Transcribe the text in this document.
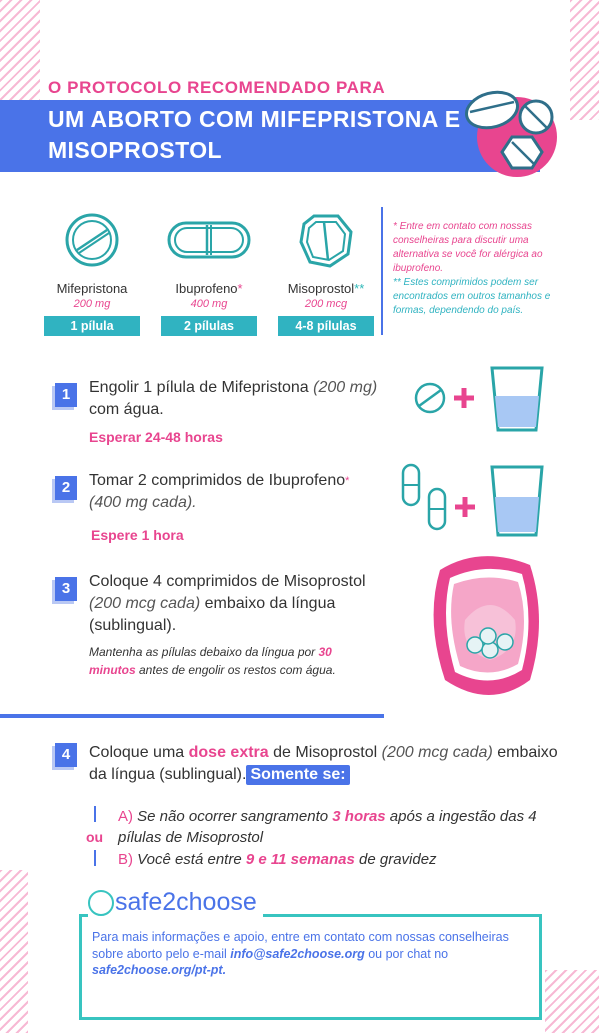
O PROTOCOLO RECOMENDADO PARA
UM ABORTO COM MIFEPRISTONA E MISOPROSTOL
Mifepristona
200 mg
1 pílula
Ibuprofeno*
400 mg
2 pílulas
Misoprostol**
200 mcg
4-8 pílulas
* Entre em contato com nossas conselheiras para discutir uma alternativa se você for alérgica ao ibuprofeno.
** Estes comprimidos podem ser encontrados em outros tamanhos e formas, dependendo do país.
1	Engolir 1 pílula de Mifepristona (200 mg) com água.
Esperar 24-48 horas
2	Tomar 2 comprimidos de Ibuprofeno* (400 mg cada).
Espere 1 hora
3	Coloque 4 comprimidos de Misoprostol (200 mcg cada) embaixo da língua (sublingual).
Mantenha as pílulas debaixo da língua por 30 minutos antes de engolir os restos com água.
4	Coloque uma dose extra de Misoprostol (200 mcg cada) embaixo da língua (sublingual). Somente se:
A) Se não ocorrer sangramento 3 horas após a ingestão das 4 pílulas de Misoprostol
ou
B) Você está entre 9 e 11 semanas de gravidez
safe2choose
Para mais informações e apoio, entre em contato com nossas conselheiras sobre aborto pelo e-mail info@safe2choose.org ou por chat no safe2choose.org/pt-pt.
